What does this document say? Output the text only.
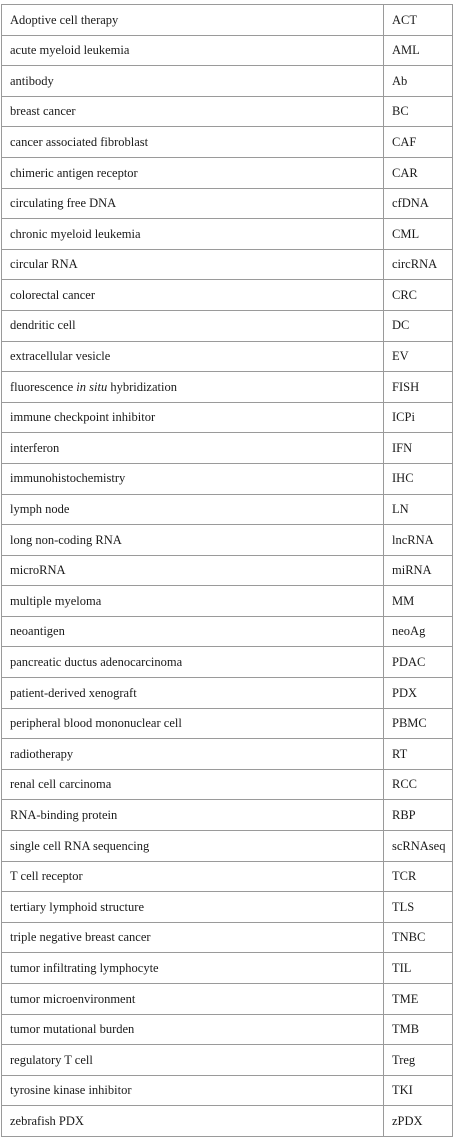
Adoptive cell therapy	ACT
acute myeloid leukemia	AML
antibody	Ab
breast cancer	BC
cancer associated fibroblast	CAF
chimeric antigen receptor	CAR
circulating free DNA	cfDNA
chronic myeloid leukemia	CML
circular RNA	circRNA
colorectal cancer	CRC
dendritic cell	DC
extracellular vesicle	EV
fluorescence in situ hybridization	FISH
immune checkpoint inhibitor	ICPi
interferon	IFN
immunohistochemistry	IHC
lymph node	LN
long non-coding RNA	lncRNA
microRNA	miRNA
multiple myeloma	MM
neoantigen	neoAg
pancreatic ductus adenocarcinoma	PDAC
patient-derived xenograft	PDX
peripheral blood mononuclear cell	PBMC
radiotherapy	RT
renal cell carcinoma	RCC
RNA-binding protein	RBP
single cell RNA sequencing	scRNAseq
T cell receptor	TCR
tertiary lymphoid structure	TLS
triple negative breast cancer	TNBC
tumor infiltrating lymphocyte	TIL
tumor microenvironment	TME
tumor mutational burden	TMB
regulatory T cell	Treg
tyrosine kinase inhibitor	TKI
zebrafish PDX	zPDX
